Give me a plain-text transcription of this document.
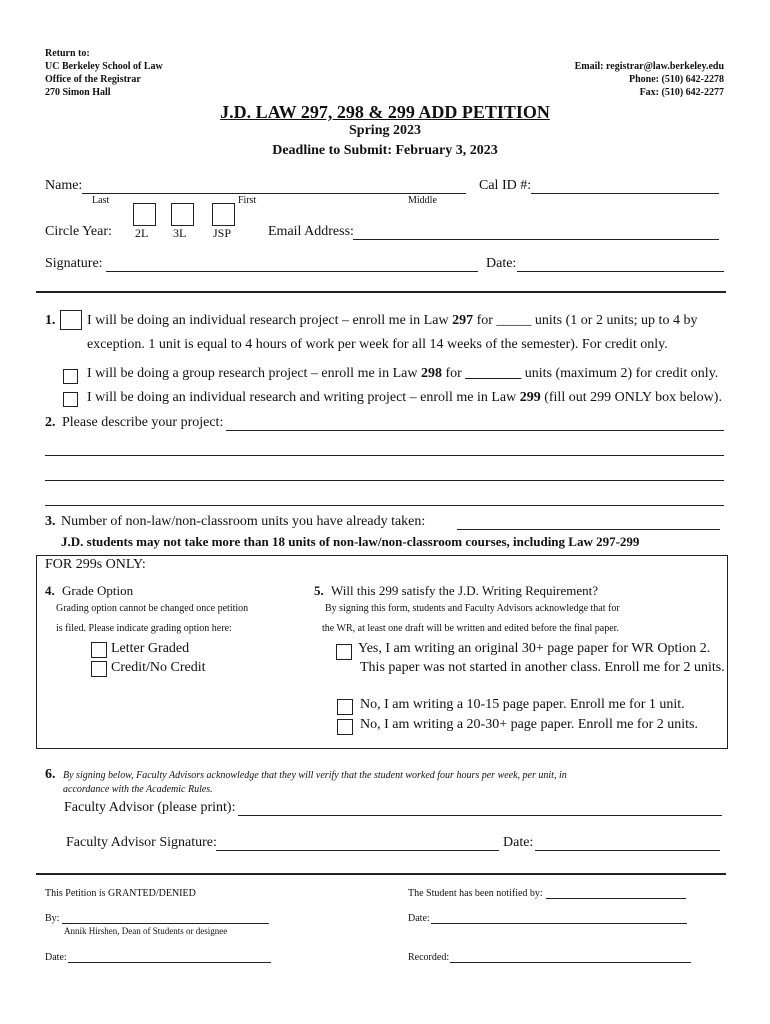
Return to:
UC Berkeley School of Law
Office of the Registrar
270 Simon Hall
Email: registrar@law.berkeley.edu
Phone: (510) 642-2278
Fax: (510) 642-2277
J.D. LAW 297, 298 & 299 ADD PETITION
Spring 2023
Deadline to Submit: February 3, 2023
Name:	Cal ID #:
Last	First	Middle
Circle Year: 2L 3L JSP	Email Address:
Signature:	Date:
1. I will be doing an individual research project – enroll me in Law 297 for _____ units (1 or 2 units; up to 4 by
exception. 1 unit is equal to 4 hours of work per week for all 14 weeks of the semester). For credit only.
I will be doing a group research project – enroll me in Law 298 for ________ units (maximum 2) for credit only.
I will be doing an individual research and writing project – enroll me in Law 299 (fill out 299 ONLY box below).
2. Please describe your project:
3. Number of non-law/non-classroom units you have already taken:
J.D. students may not take more than 18 units of non-law/non-classroom courses, including Law 297-299
FOR 299s ONLY:
4. Grade Option
Grading option cannot be changed once petition
is filed. Please indicate grading option here:
Letter Graded
Credit/No Credit
5. Will this 299 satisfy the J.D. Writing Requirement?
By signing this form, students and Faculty Advisors acknowledge that for
the WR, at least one draft will be written and edited before the final paper.
Yes, I am writing an original 30+ page paper for WR Option 2.
This paper was not started in another class. Enroll me for 2 units.
No, I am writing a 10-15 page paper. Enroll me for 1 unit.
No, I am writing a 20-30+ page paper. Enroll me for 2 units.
6. By signing below, Faculty Advisors acknowledge that they will verify that the student worked four hours per week, per unit, in
accordance with the Academic Rules.
Faculty Advisor (please print):
Faculty Advisor Signature:	Date:
This Petition is GRANTED/DENIED
By:
Annik Hirshen, Dean of Students or designee
Date:
The Student has been notified by:
Date:
Recorded:
